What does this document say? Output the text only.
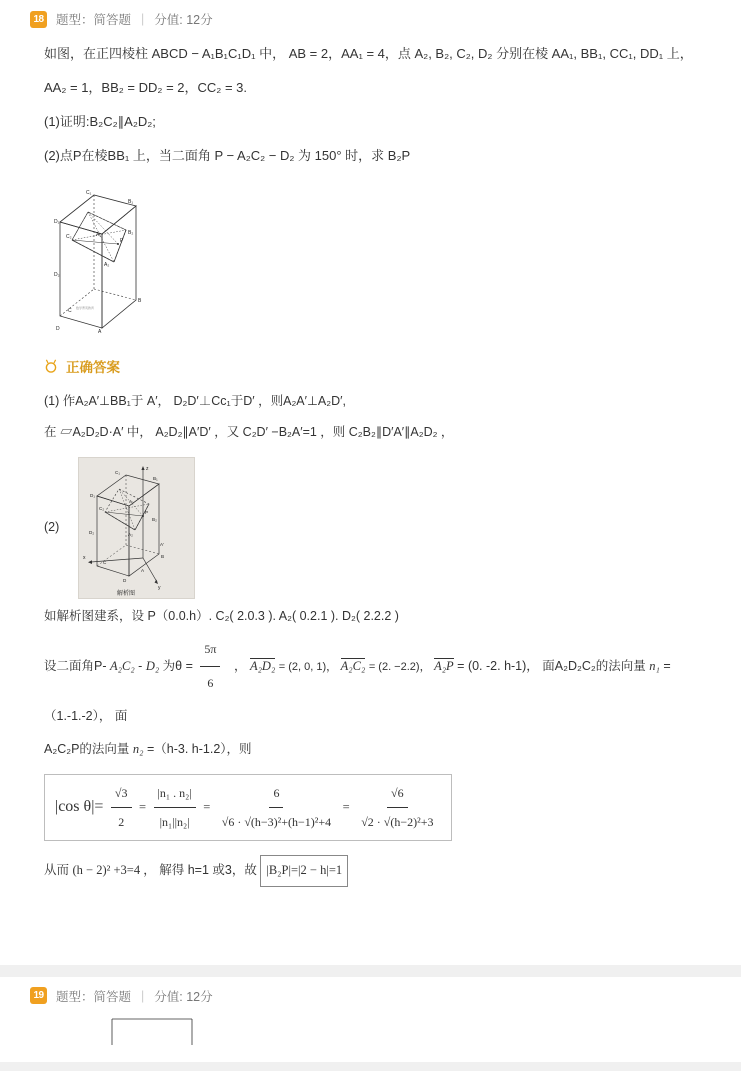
18 题型：简答题 | 分值: 12分
如图，在正四棱柱 ABCD − A₁B₁C₁D₁ 中， AB = 2，AA₁ = 4，点 A₂, B₂, C₂, D₂ 分别在棱 AA₁, BB₁, CC₁, DD₁ 上，
AA₂ = 1，BB₂ = DD₂ = 2，CC₂ = 3.
(1)证明:B₂C₂∥A₂D₂;
(2)点P在棱BB₁ 上，当二面角 P − A₂C₂ − D₂ 为 150° 时，求 B₂P
C₁
B₁
D₁
A₁
C₂
P
B₂
D₂
A₂
C
B
D	A
数学菁英教育
正确答案
(1) 作A₂A′⊥BB₁于 A′， D₂D′⊥Cc₁于D′ ，则A₂A′⊥A₂D′,
在 ▱A₂D₂D·A′ 中， A₂D₂∥A′D′ ，又 C₂D′ −B₂A′=1 ，则 C₂B₂∥D′A′∥A₂D₂ ，
(2)
z
y
x
C₁
B₁
D₁
A₁
C₂
P
B₂
D₂	A₂
A′
C
B
D
A
解析图
如解析图建系，设 P（0.0.h）. C₂( 2.0.3 ). A₂( 0.2.1 ). D₂( 2.2.2 )
设二面角P‐ A₂C₂ ‐ D₂ 为$\theta = \frac{5\pi}{6}$ ， A₂D₂ = (2, 0, 1)， A₂C₂ = (2. −2.2)， A₂P = (0. -2. h-1)， 面A₂D₂C₂的法向量 n₁ =（1.-1.-2）， 面
A₂C₂P的法向量 n₂ =（h-3. h-1.2），则
|cos $\theta|= \frac{√3}{2} = \frac{\text{|n₁ . n₂|}}{\text{|n₁||n₂|}} = \frac{6}{\text{√6 · √(h−3)²+(h−1)²+4}} = \frac{√6}{\text{√2 · √(h−2)²+3}}$
从而 (h − 2)² +3=4 ， 解得 h=1 或3，故 |B₂P|=|2 − h|=1
19 题型：简答题 | 分值: 12分
